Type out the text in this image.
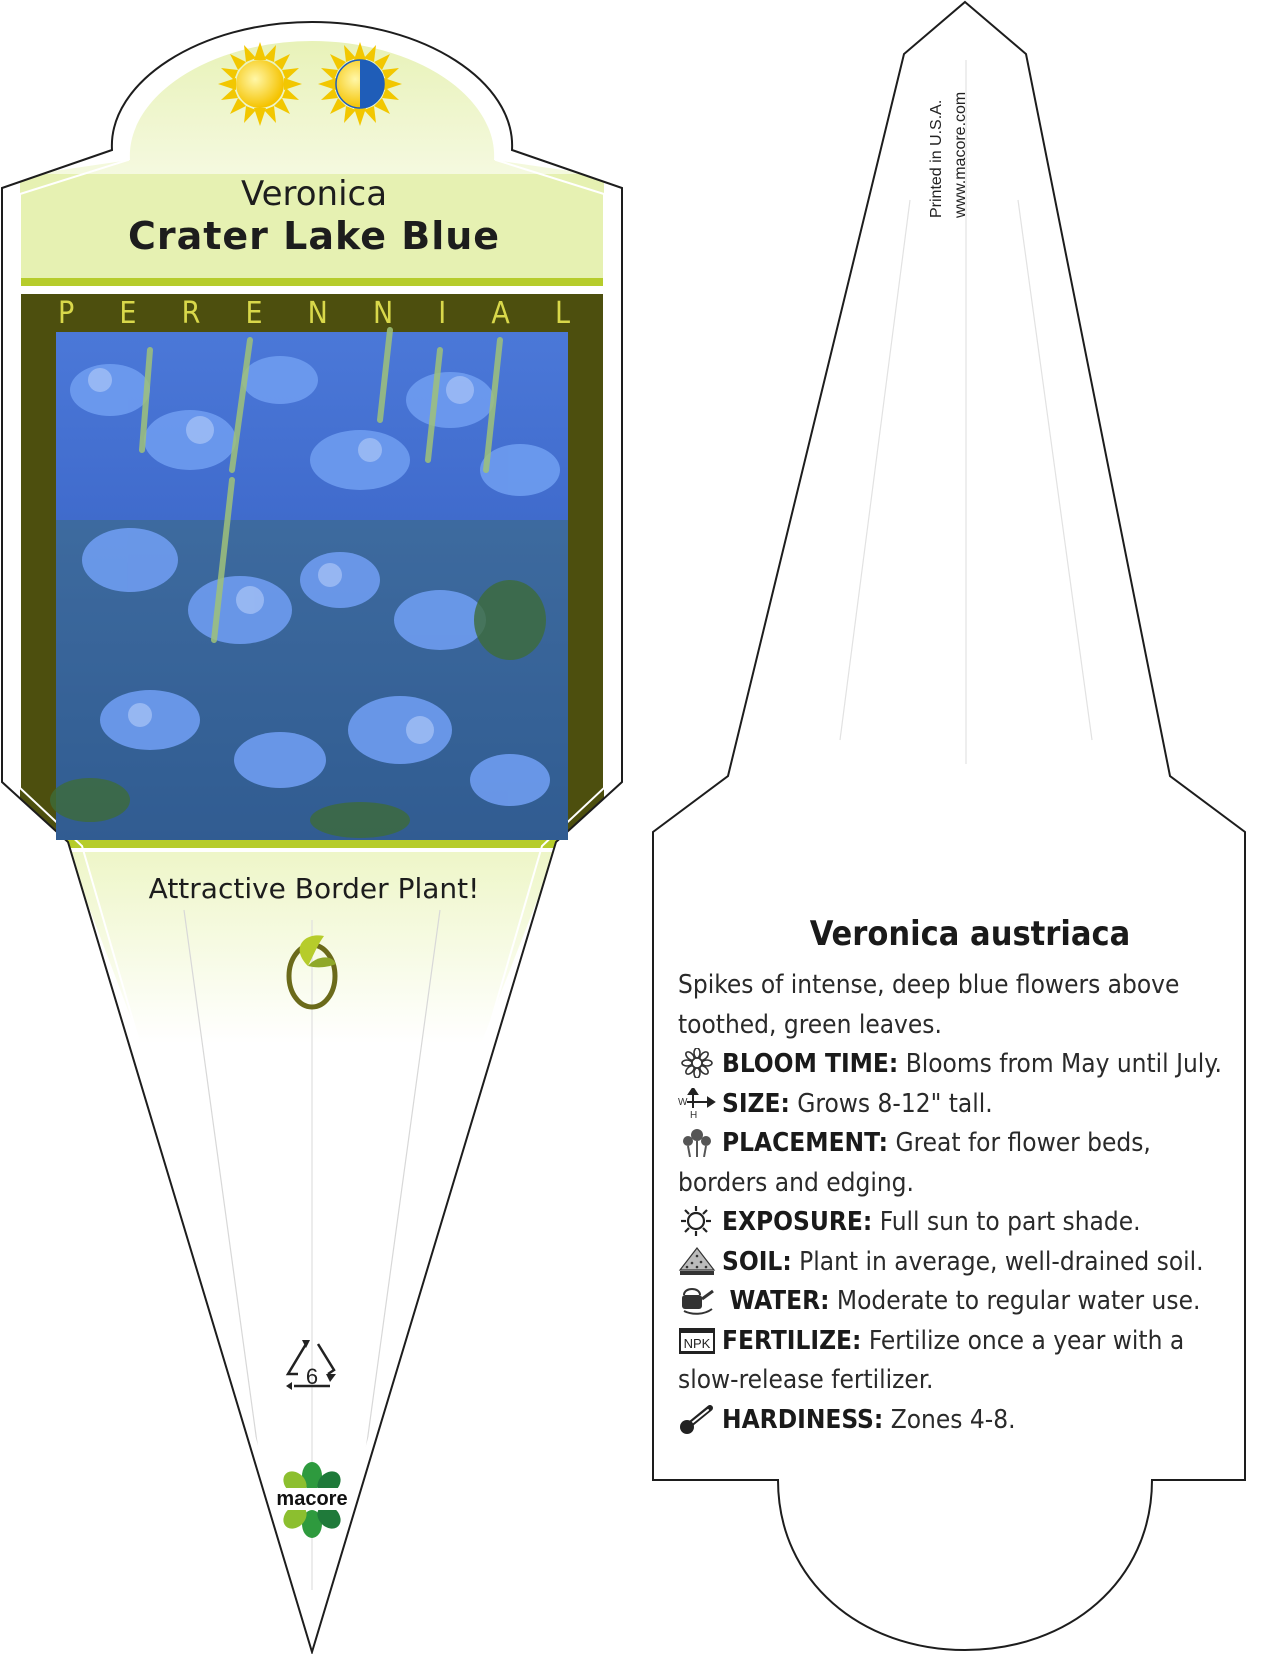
Veronica
Crater Lake Blue
P E R E N N I A L
Attractive Border Plant!
6
macore
Printed in U.S.A. www.macore.com
Veronica austriaca

Spikes of intense, deep blue flowers above toothed, green leaves.

BLOOM TIME: Blooms from May until July.

W
H SIZE: Grows 8-12" tall.

PLACEMENT: Great for flower beds, borders and edging.

EXPOSURE: Full sun to part shade.

SOIL: Plant in average, well-drained soil.

WATER: Moderate to regular water use.

NPK FERTILIZE: Fertilize once a year with a slow-release fertilizer.

HARDINESS: Zones 4-8.
